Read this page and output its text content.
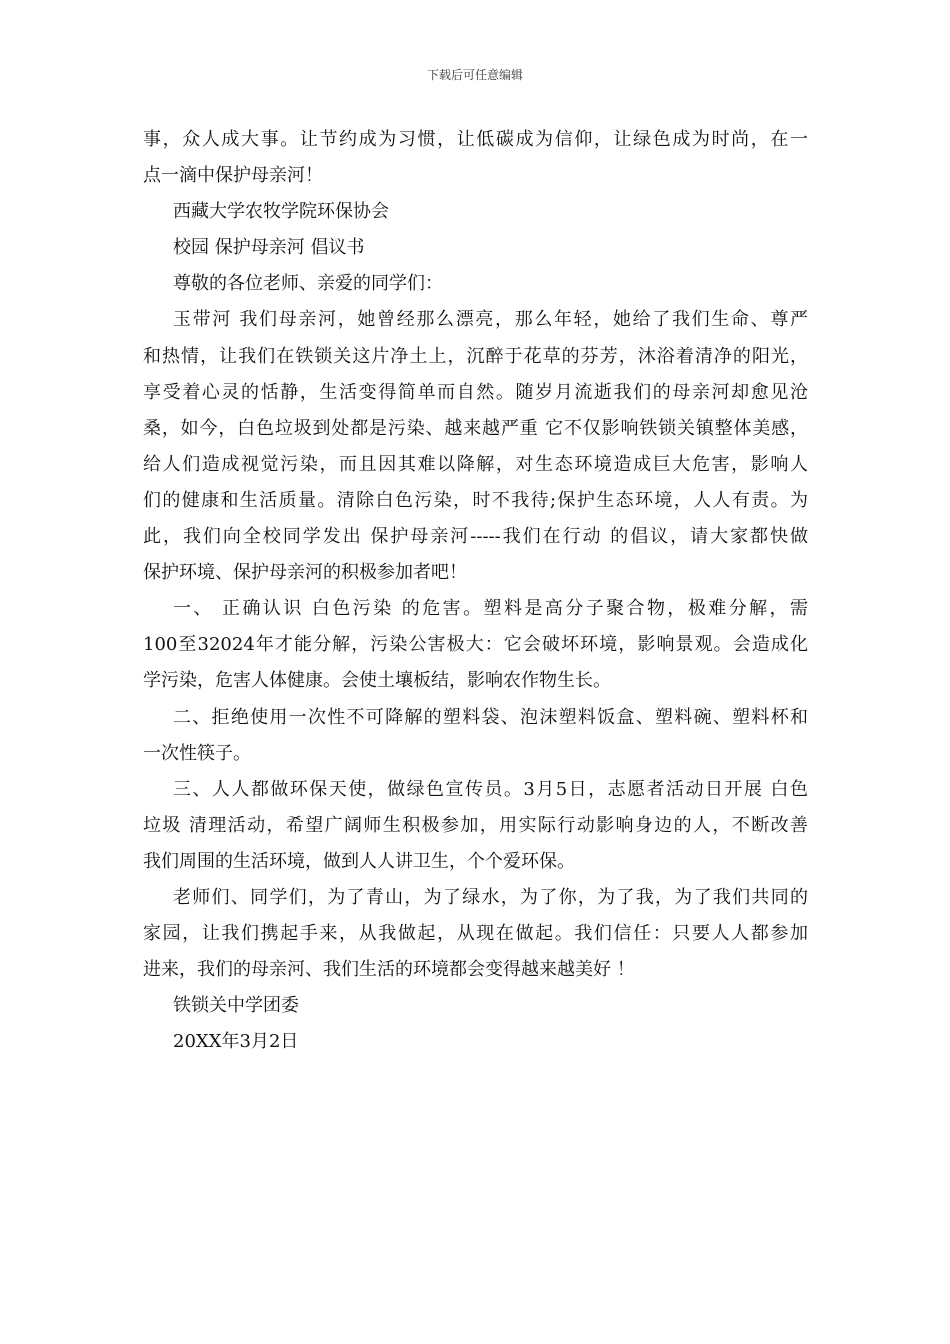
下载后可任意编辑
事，众人成大事。让节约成为习惯，让低碳成为信仰，让绿色成为时尚，在一
点一滴中保护母亲河！
西藏大学农牧学院环保协会
校园 保护母亲河 倡议书
尊敬的各位老师、亲爱的同学们：
玉带河 我们母亲河，她曾经那么漂亮，那么年轻，她给了我们生命、尊严
和热情，让我们在铁锁关这片净土上，沉醉于花草的芬芳，沐浴着清净的阳光，
享受着心灵的恬静，生活变得简单而自然。随岁月流逝我们的母亲河却愈见沧
桑，如今，白色垃圾到处都是污染、越来越严重 它不仅影响铁锁关镇整体美感，
给人们造成视觉污染，而且因其难以降解，对生态环境造成巨大危害，影响人
们的健康和生活质量。清除白色污染，时不我待;保护生态环境，人人有责。为
此，我们向全校同学发出 保护母亲河-----我们在行动 的倡议，请大家都快做
保护环境、保护母亲河的积极参加者吧！
一、 正确认识 白色污染 的危害。塑料是高分子聚合物，极难分解，需
100至32024年才能分解，污染公害极大：它会破坏环境，影响景观。会造成化
学污染，危害人体健康。会使土壤板结，影响农作物生长。
二、拒绝使用一次性不可降解的塑料袋、泡沫塑料饭盒、塑料碗、塑料杯和
一次性筷子。
三、人人都做环保天使，做绿色宣传员。3月5日，志愿者活动日开展 白色
垃圾 清理活动，希望广阔师生积极参加，用实际行动影响身边的人，不断改善
我们周围的生活环境，做到人人讲卫生，个个爱环保。
老师们、同学们，为了青山，为了绿水，为了你，为了我，为了我们共同的
家园，让我们携起手来，从我做起，从现在做起。我们信任：只要人人都参加
进来，我们的母亲河、我们生活的环境都会变得越来越美好 ！
铁锁关中学团委
20XX年3月2日
